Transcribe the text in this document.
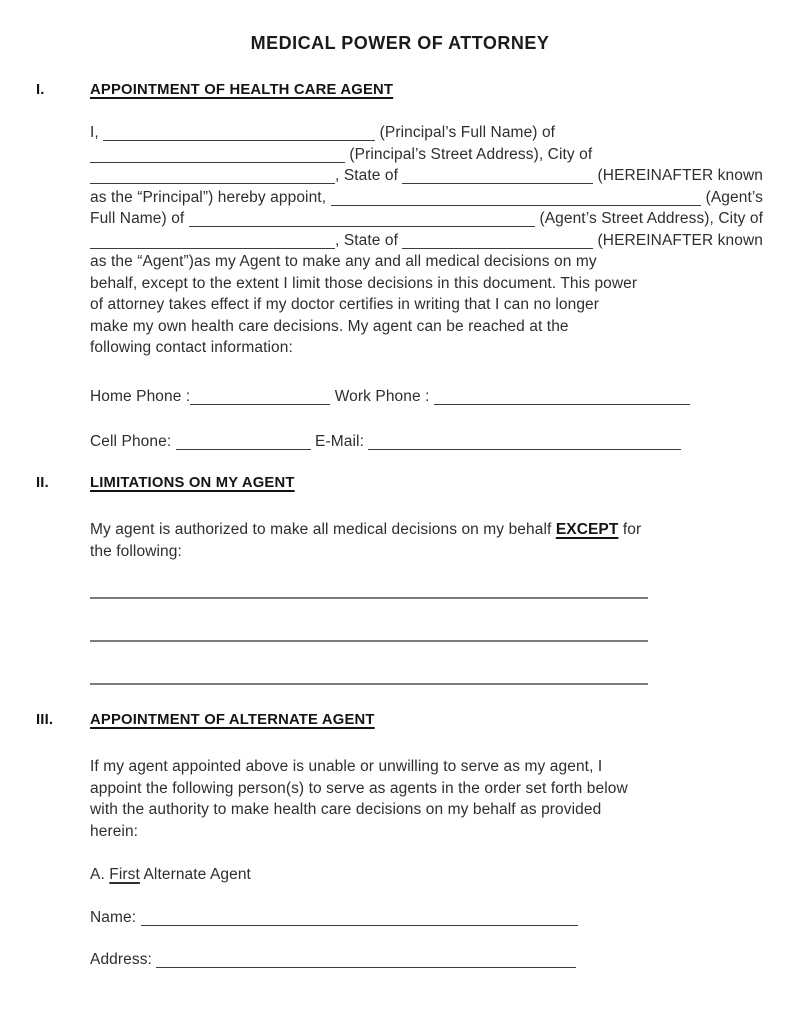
MEDICAL POWER OF ATTORNEY
I.	APPOINTMENT OF HEALTH CARE AGENT
I,	(Principal’s Full Name) of
(Principal’s Street Address), City of
, State of	(HEREINAFTER known
as the “Principal”) hereby appoint,	(Agent’s
Full Name) of	(Agent’s Street Address), City of
, State of	(HEREINAFTER known
as the “Agent”)as my Agent to make any and all medical decisions on my
behalf, except to the extent I limit those decisions in this document. This power
of attorney takes effect if my doctor certifies in writing that I can no longer
make my own health care decisions. My agent can be reached at the
following contact information:
Home Phone :	Work Phone :
Cell Phone:	E-Mail:
II.	LIMITATIONS ON MY AGENT
My agent is authorized to make all medical decisions on my behalf EXCEPT for
the following:
III. APPOINTMENT OF ALTERNATE AGENT
If my agent appointed above is unable or unwilling to serve as my agent, I
appoint the following person(s) to serve as agents in the order set forth below
with the authority to make health care decisions on my behalf as provided
herein:
A. First Alternate Agent
Name:
Address:
